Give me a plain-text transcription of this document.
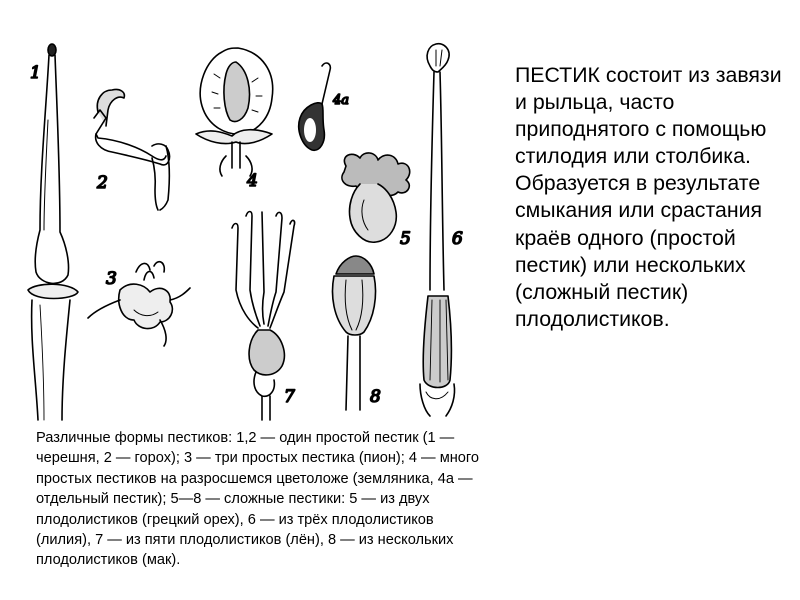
1
2
3
4
4а
5 6
7	8
Различные формы пестиков: 1,2 — один простой пестик (1 — черешня, 2 — горох); 3 — три простых пестика (пион); 4 — много простых пестиков на разросшемся цветоложе (земляника, 4а — отдельный пестик); 5—8 — сложные пестики: 5 — из двух плодолистиков (грецкий орех), 6 — из трёх плодолистиков (лилия), 7 — из пяти плодолистиков (лён), 8 — из нескольких плодолистиков (мак).
ПЕСТИК состоит из завязи и рыльца, часто приподнятого с помощью стилодия или столбика. Образуется в результате смыкания или срастания краёв одного (простой пестик) или нескольких (сложный пестик) плодолистиков.
